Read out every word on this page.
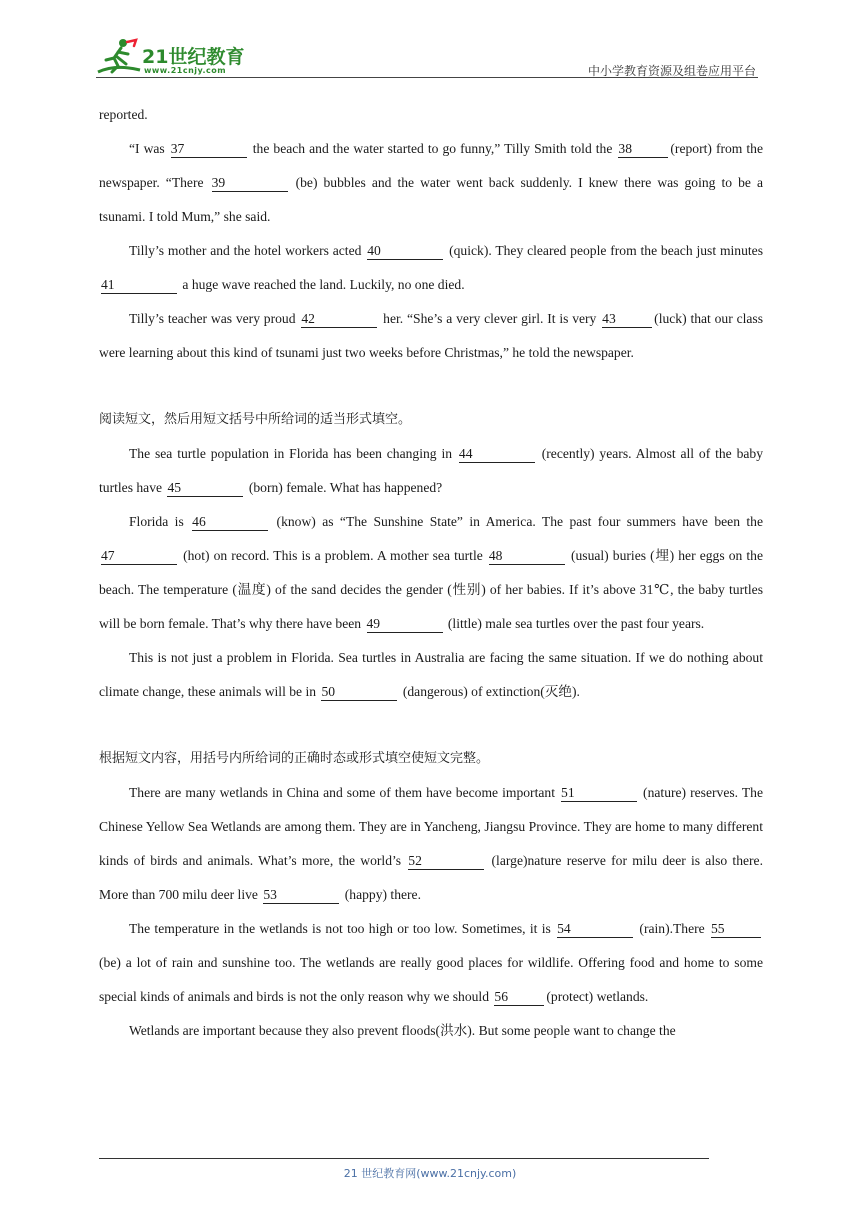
21世纪教育
www.21cnjy.com	中小学教育资源及组卷应用平台

reported.

“I was 37	the beach and the water started to go funny,” Tilly Smith told the 38	(report) from the newspaper. “There 39	(be) bubbles and the water went back suddenly. I knew there was going to be a tsunami. I told Mum,” she said.

Tilly’s mother and the hotel workers acted 40	(quick). They cleared people from the beach just minutes 41	a huge wave reached the land. Luckily, no one died.

Tilly’s teacher was very proud 42	her. “She’s a very clever girl. It is very 43	(luck) that our class were learning about this kind of tsunami just two weeks before Christmas,” he told the newspaper.

阅读短文，然后用短文括号中所给词的适当形式填空。

The sea turtle population in Florida has been changing in 44	(recently) years. Almost all of the baby turtles have 45	(born) female. What has happened?

Florida is 46	(know) as “The Sunshine State” in America. The past four summers have been the 47	(hot) on record. This is a problem. A mother sea turtle 48	(usual) buries (埋) her eggs on the beach. The temperature (温度) of the sand decides the gender (性别) of her babies. If it’s above 31℃, the baby turtles will be born female. That’s why there have been 49	(little) male sea turtles over the past four years.

This is not just a problem in Florida. Sea turtles in Australia are facing the same situation. If we do nothing about climate change, these animals will be in 50	(dangerous) of extinction(灭绝).

根据短文内容，用括号内所给词的正确时态或形式填空使短文完整。

There are many wetlands in China and some of them have become important 51	(nature) reserves. The Chinese Yellow Sea Wetlands are among them. They are in Yancheng, Jiangsu Province. They are home to many different kinds of birds and animals. What’s more, the world’s 52	(large)nature reserve for milu deer is also there. More than 700 milu deer live 53	(happy) there.

The temperature in the wetlands is not too high or too low. Sometimes, it is 54	(rain).There 55 (be) a lot of rain and sunshine too. The wetlands are really good places for wildlife. Offering food and home to some special kinds of animals and birds is not the only reason why we should 56	(protect) wetlands.

Wetlands are important because they also prevent floods(洪水). But some people want to change the

21 世纪教育网(www.21cnjy.com)
